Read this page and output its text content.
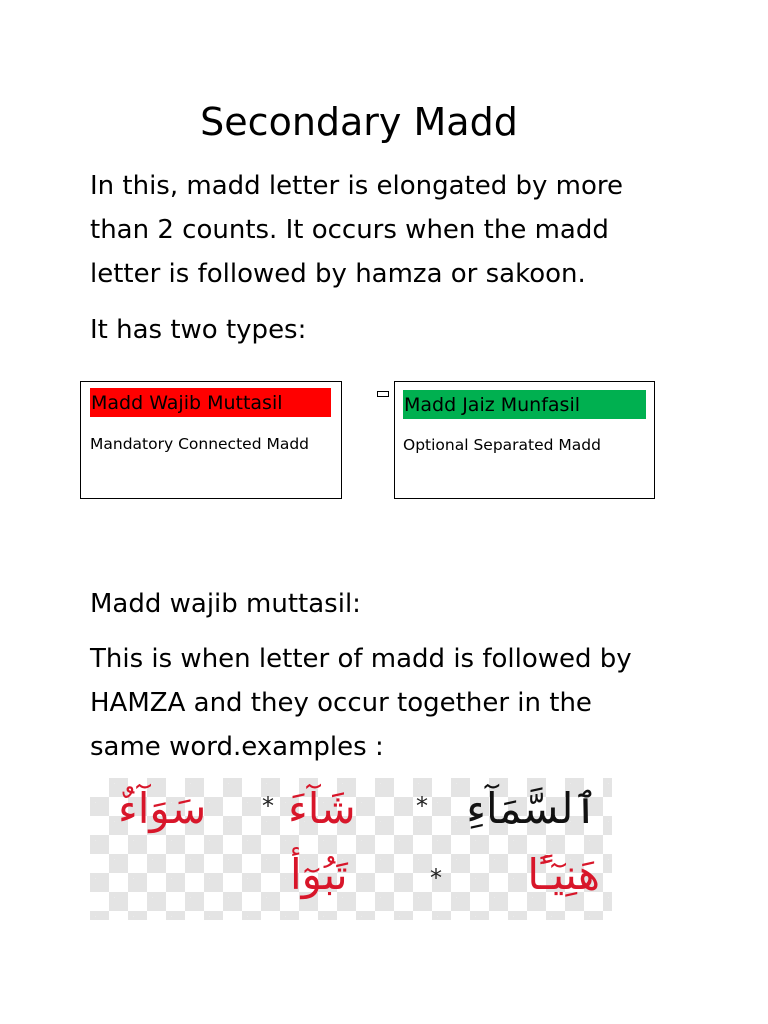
Secondary Madd
In this, madd letter is elongated by more
than 2 counts. It occurs when the madd
letter is followed by hamza or sakoon.
It has two types:
Madd Wajib Muttasil
Mandatory Connected Madd
Madd Jaiz Munfasil
Optional Separated Madd
Madd wajib muttasil:
This is when letter of madd is followed by
HAMZA and they occur together in the
same word.examples :
ٱلسَّمَآءِ
*
شَآءَ
*
سَوَآءٌ
هَنِيٓـًٔا
*
تَبُوٓأ
